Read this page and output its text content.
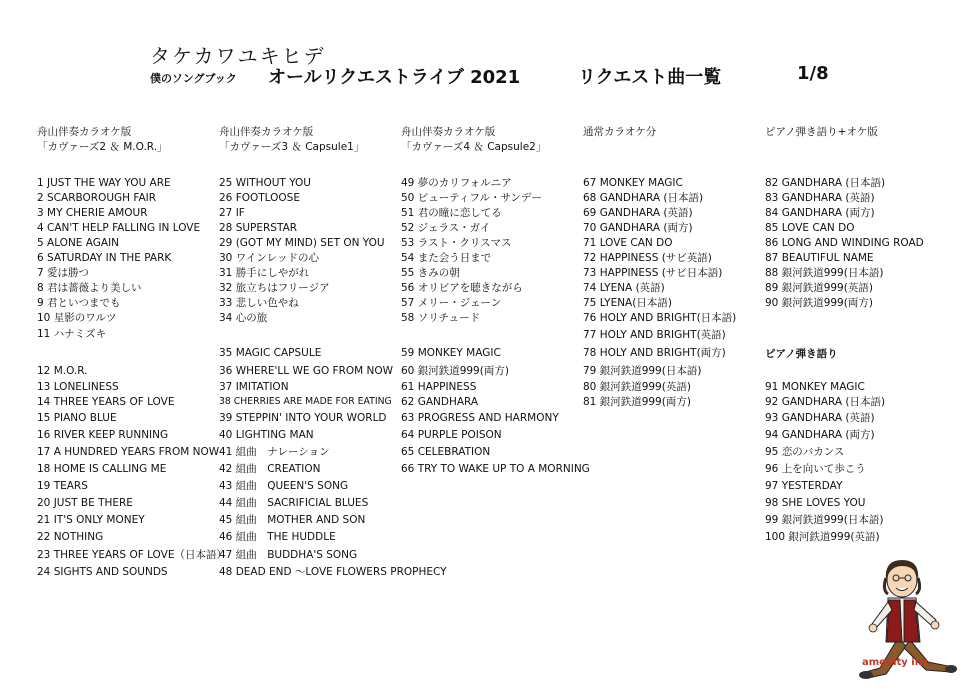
タケカワユキヒデ
僕のソングブック オールリクエストライブ 2021	リクエスト曲一覧	1/8
舟山伴奏カラオケ版
「カヴァーズ2 ＆ M.O.R.」
1 JUST THE WAY YOU ARE
2 SCARBOROUGH FAIR
3 MY CHERIE AMOUR
4 CAN'T HELP FALLING IN LOVE
5 ALONE AGAIN
6 SATURDAY IN THE PARK
7 愛は勝つ
8 君は薔薇より美しい
9 君といつまでも
10 星影のワルツ
11 ハナミズキ
12 M.O.R.
13 LONELINESS
14 THREE YEARS OF LOVE
15 PIANO BLUE
16 RIVER KEEP RUNNING
17 A HUNDRED YEARS FROM NOW
18 HOME IS CALLING ME
19 TEARS
20 JUST BE THERE
21 IT'S ONLY MONEY
22 NOTHING
23 THREE YEARS OF LOVE（日本語）
24 SIGHTS AND SOUNDS
舟山伴奏カラオケ版
「カヴァーズ3 ＆ Capsule1」
25 WITHOUT YOU
26 FOOTLOOSE
27 IF
28 SUPERSTAR
29 (GOT MY MIND) SET ON YOU
30 ワインレッドの心
31 勝手にしやがれ
32 旅立ちはフリージア
33 悲しい色やね
34 心の旅
35 MAGIC CAPSULE
36 WHERE'LL WE GO FROM NOW
37 IMITATION
38 CHERRIES ARE MADE FOR EATING
39 STEPPIN' INTO YOUR WORLD
40 LIGHTING MAN
41 組曲　ナレーション
42 組曲　CREATION
43 組曲　QUEEN'S SONG
44 組曲　SACRIFICIAL BLUES
45 組曲　MOTHER AND SON
46 組曲　THE HUDDLE
47 組曲　BUDDHA'S SONG
48 DEAD END ～LOVE FLOWERS PROPHECY
舟山伴奏カラオケ版
「カヴァーズ4 ＆ Capsule2」
49 夢のカリフォルニア
50 ビューティフル・サンデー
51 君の瞳に恋してる
52 ジェラス・ガイ
53 ラスト・クリスマス
54 また会う日まで
55 きみの朝
56 オリビアを聴きながら
57 メリー・ジェーン
58 ソリチュード
59 MONKEY MAGIC
60 銀河鉄道999(両方)
61 HAPPINESS
62 GANDHARA
63 PROGRESS AND HARMONY
64 PURPLE POISON
65 CELEBRATION
66 TRY TO WAKE UP TO A MORNING
通常カラオケ分
67 MONKEY MAGIC
68 GANDHARA (日本語)
69 GANDHARA (英語)
70 GANDHARA (両方)
71 LOVE CAN DO
72 HAPPINESS (サビ英語)
73 HAPPINESS (サビ日本語)
74 LYENA (英語)
75 LYENA(日本語)
76 HOLY AND BRIGHT(日本語)
77 HOLY AND BRIGHT(英語)
78 HOLY AND BRIGHT(両方)
79 銀河鉄道999(日本語)
80 銀河鉄道999(英語)
81 銀河鉄道999(両方)
ピアノ弾き語り+オケ版
ピアノ弾き語り
82 GANDHARA (日本語)
83 GANDHARA (英語)
84 GANDHARA (両方)
85 LOVE CAN DO
86 LONG AND WINDING ROAD
87 BEAUTIFUL NAME
88 銀河鉄道999(日本語)
89 銀河鉄道999(英語)
90 銀河鉄道999(両方)
91 MONKEY MAGIC
92 GANDHARA (日本語)
93 GANDHARA (英語)
94 GANDHARA (両方)
95 恋のバカンス
96 上を向いて歩こう
97 YESTERDAY
98 SHE LOVES YOU
99 銀河鉄道999(日本語)
100 銀河鉄道999(英語)
amenity inc.
